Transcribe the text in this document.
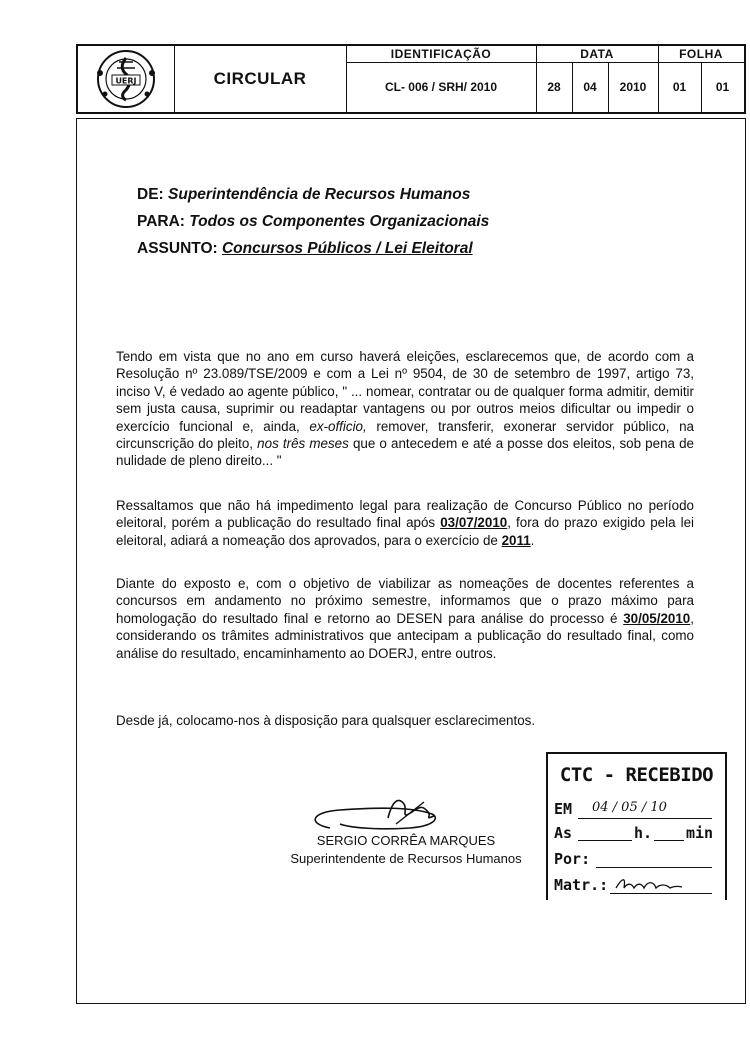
UERJ	CIRCULAR
IDENTIFICAÇÃO	DATA	FOLHA
CL- 006 / SRH/ 2010	28	04	2010	01	01
DE: Superintendência de Recursos Humanos
PARA: Todos os Componentes Organizacionais
ASSUNTO: Concursos Públicos / Lei Eleitoral
Tendo em vista que no ano em curso haverá eleições, esclarecemos que, de acordo com a Resolução nº 23.089/TSE/2009 e com a Lei nº 9504, de 30 de setembro de 1997, artigo 73, inciso V, é vedado ao agente público, " ... nomear, contratar ou de qualquer forma admitir, demitir sem justa causa, suprimir ou readaptar vantagens ou por outros meios dificultar ou impedir o exercício funcional e, ainda, ex-officio, remover, transferir, exonerar servidor público, na circunscrição do pleito, nos três meses que o antecedem e até a posse dos eleitos, sob pena de nulidade de pleno direito... "
Ressaltamos que não há impedimento legal para realização de Concurso Público no período eleitoral, porém a publicação do resultado final após 03/07/2010, fora do prazo exigido pela lei eleitoral, adiará a nomeação dos aprovados, para o exercício de 2011.
Diante do exposto e, com o objetivo de viabilizar as nomeações de docentes referentes a concursos em andamento no próximo semestre, informamos que o prazo máximo para homologação do resultado final e retorno ao DESEN para análise do processo é 30/05/2010, considerando os trâmites administrativos que antecipam a publicação do resultado final, como análise do resultado, encaminhamento ao DOERJ, entre outros.
Desde já, colocamo-nos à disposição para qualsquer esclarecimentos.
SERGIO CORRÊA MARQUES
Superintendente de Recursos Humanos
CTC - RECEBIDO
EM 04 / 05 / 10
As	h. min
Por:
Matr.:
